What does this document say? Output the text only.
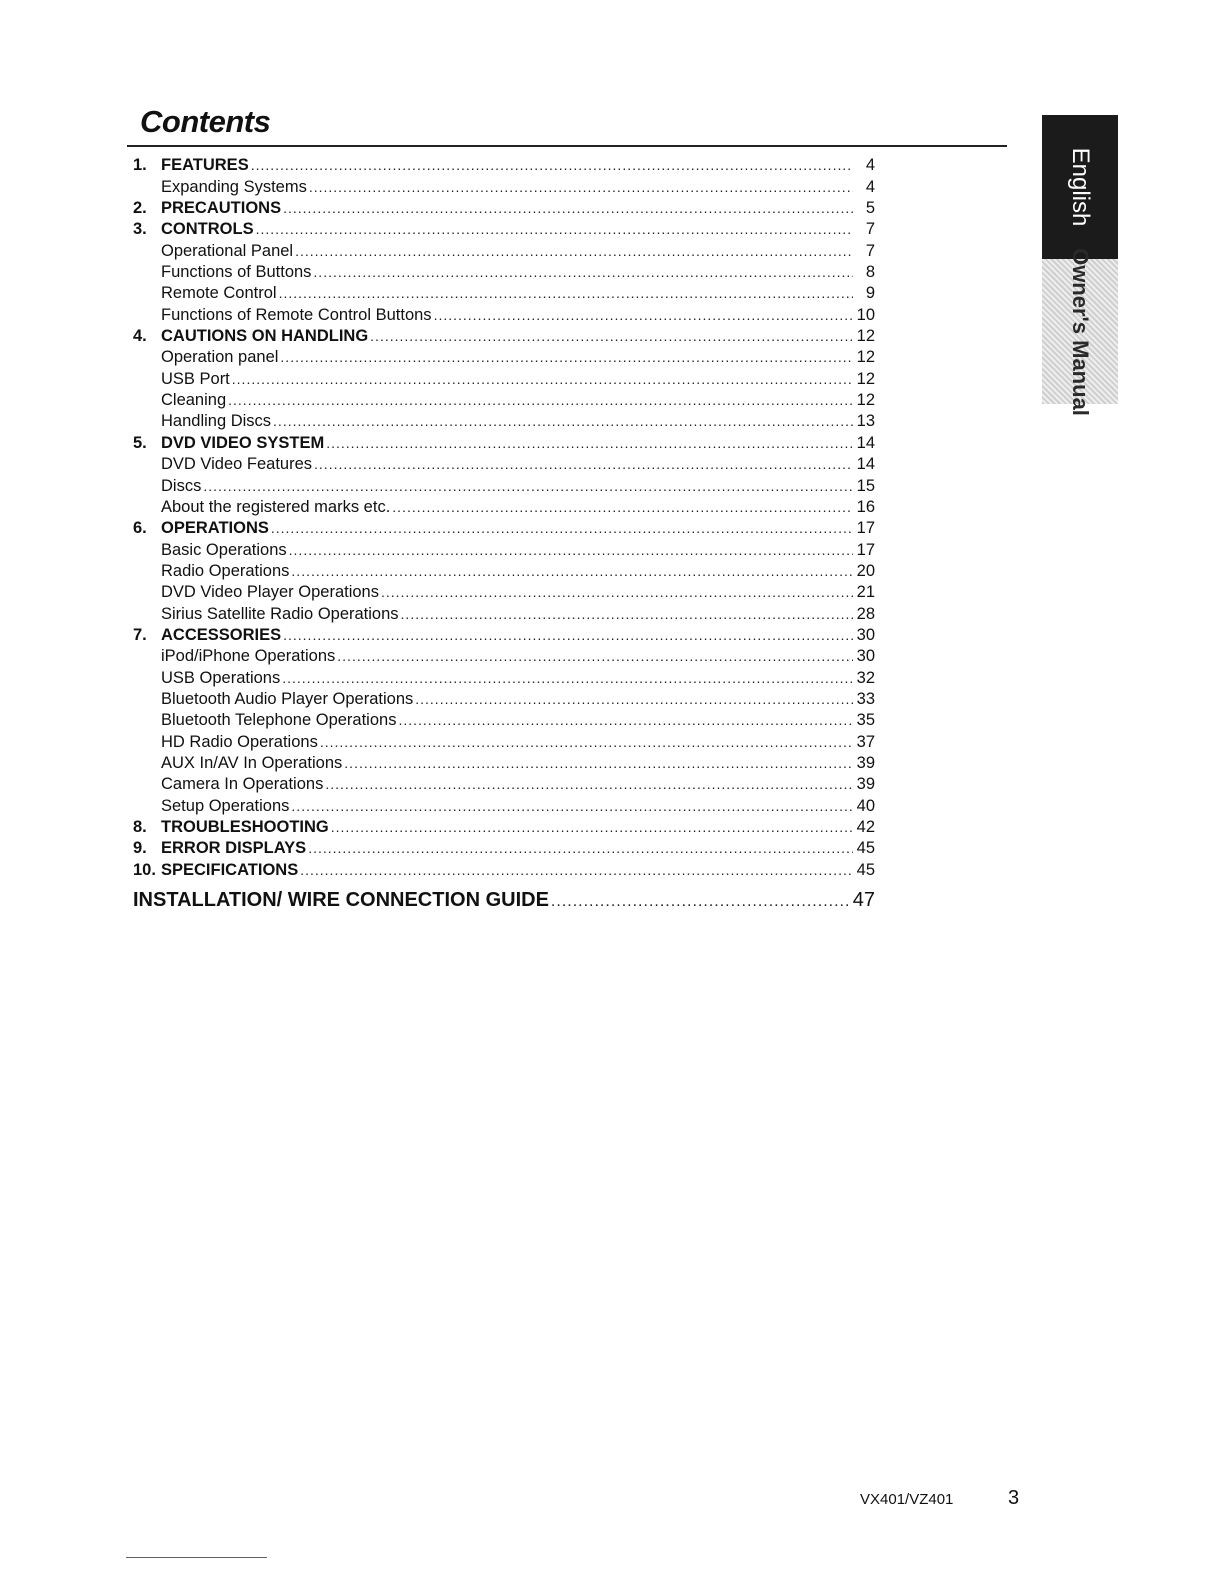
Contents
1. FEATURES .....	4
Expanding Systems .....	4
2. PRECAUTIONS .....	5
3. CONTROLS .....	7
Operational Panel .....	7
Functions of Buttons .....	8
Remote Control .....	9
Functions of Remote Control Buttons .....	10
4. CAUTIONS ON HANDLING .....	12
Operation panel .....	12
USB Port .....	12
Cleaning .....	12
Handling Discs .....	13
5. DVD VIDEO SYSTEM .....	14
DVD Video Features .....	14
Discs .....	15
About the registered marks etc. .....	16
6. OPERATIONS .....	17
Basic Operations .....	17
Radio Operations .....	20
DVD Video Player Operations .....	21
Sirius Satellite Radio Operations .....	28
7. ACCESSORIES .....	30
iPod/iPhone Operations .....	30
USB Operations .....	32
Bluetooth Audio Player Operations .....	33
Bluetooth Telephone Operations .....	35
HD Radio Operations .....	37
AUX In/AV In Operations .....	39
Camera In Operations .....	39
Setup Operations .....	40
8. TROUBLESHOOTING .....	42
9. ERROR DISPLAYS .....	45
10. SPECIFICATIONS .....	45
INSTALLATION/ WIRE CONNECTION GUIDE .....	47
English
Owner's Manual
VX401/VZ401	3
